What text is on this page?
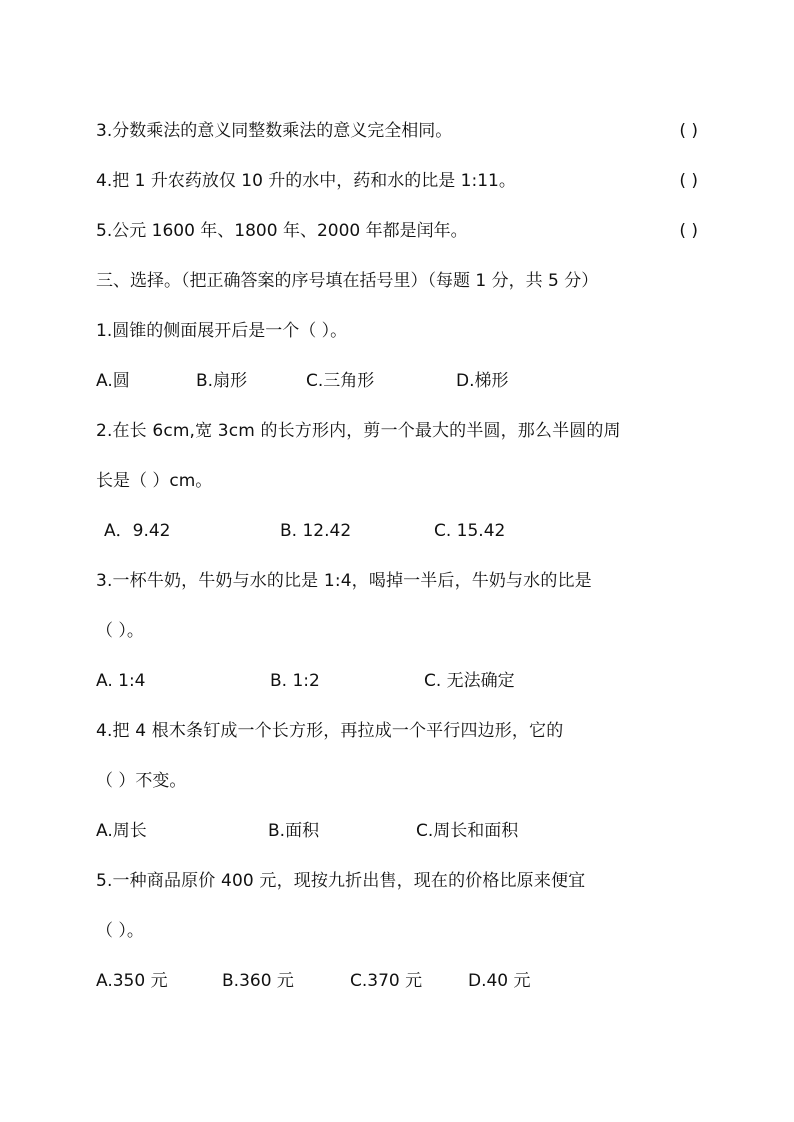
3.分数乘法的意义同整数乘法的意义完全相同。	( )
4.把 1 升农药放仅 10 升的水中，药和水的比是 1:11。	( )
5.公元 1600 年、1800 年、2000 年都是闰年。	( )
三、选择。（把正确答案的序号填在括号里）（每题 1 分，共 5 分）
1.圆锥的侧面展开后是一个（ ）。
A.圆	B.扇形	C.三角形	D.梯形
2.在长 6cm,宽 3cm 的长方形内，剪一个最大的半圆，那么半圆的周
长是（ ）cm。
A．9.42	B. 12.42	C. 15.42
3.一杯牛奶，牛奶与水的比是 1:4，喝掉一半后，牛奶与水的比是
（ ）。
A. 1:4	B. 1:2	C. 无法确定
4.把 4 根木条钉成一个长方形，再拉成一个平行四边形，它的
（ ）不变。
A.周长	B.面积	C.周长和面积
5.一种商品原价 400 元，现按九折出售，现在的价格比原来便宜
（ ）。
A.350 元	B.360 元	C.370 元	D.40 元
